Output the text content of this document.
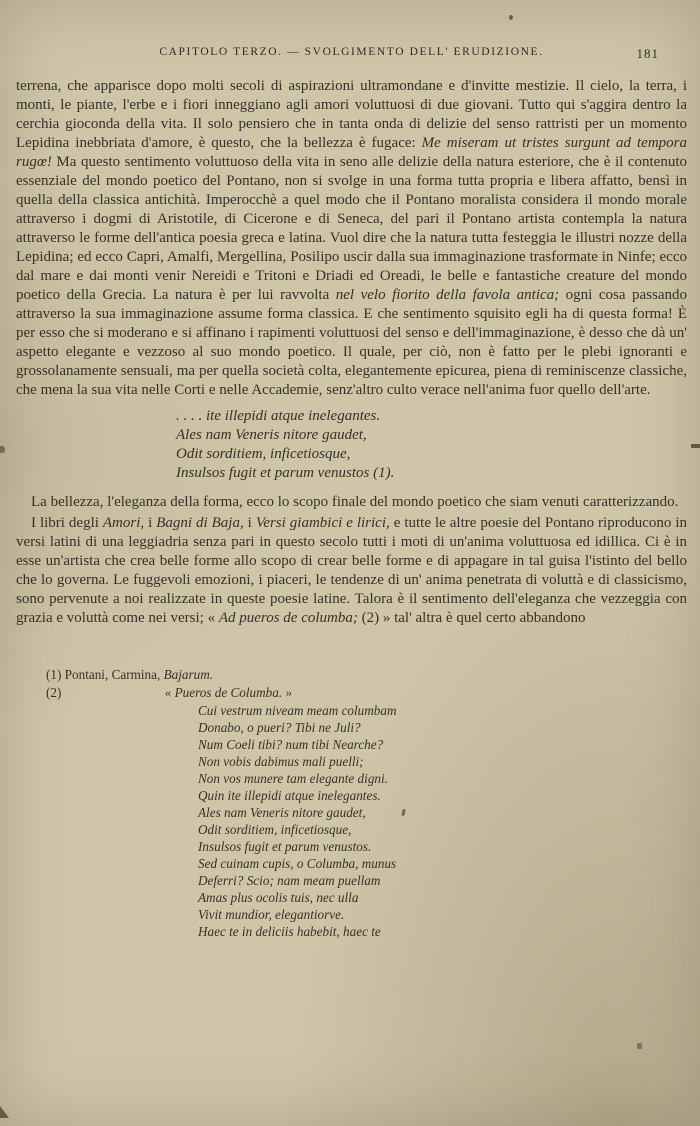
CAPITOLO TERZO. — SVOLGIMENTO DELL' ERUDIZIONE.	181

terrena, che apparisce dopo molti secoli di aspirazioni ultramondane e d'invitte mestizie. Il cielo, la terra, i monti, le piante, l'erbe e i fiori inneggiano agli amori voluttuosi di due giovani. Tutto qui s'aggira dentro la cerchia gioconda della vita. Il solo pensiero che in tanta onda di delizie del senso rattristi per un momento Lepidina inebbriata d'amore, è questo, che la bellezza è fugace: Me miseram ut tristes surgunt ad tempora rugœ! Ma questo sentimento voluttuoso della vita in seno alle delizie della natura esteriore, che è il contenuto essenziale del mondo poetico del Pontano, non si svolge in una forma tutta propria e libera affatto, bensì in quella della classica antichità. Imperocchè a quel modo che il Pontano moralista considera il mondo morale attraverso i dogmi di Aristotile, di Cicerone e di Seneca, del pari il Pontano artista contempla la natura attraverso le forme dell'antica poesia greca e latina. Vuol dire che la natura tutta festeggia le illustri nozze della Lepidina; ed ecco Capri, Amalfi, Mergellina, Posilipo uscir dalla sua immaginazione trasformate in Ninfe; ecco dal mare e dai monti venir Nereidi e Tritoni e Driadi ed Oreadi, le belle e fantastiche creature del mondo poetico della Grecia. La natura è per lui ravvolta nel velo fiorito della favola antica; ogni cosa passando attraverso la sua immaginazione assume forma classica. E che sentimento squisito egli ha di questa forma! È per esso che si moderano e si affinano i rapimenti voluttuosi del senso e dell'immaginazione, è desso che dà un' aspetto elegante e vezzoso al suo mondo poetico. Il quale, per ciò, non è fatto per le plebi ignoranti e grossolanamente sensuali, ma per quella società colta, elegantemente epicurea, piena di reminiscenze classiche, che mena la sua vita nelle Corti e nelle Accademie, senz'altro culto verace nell'anima fuor quello dell'arte.

. . . . ite illepidi atque inelegantes.
Ales nam Veneris nitore gaudet,
Odit sorditiem, inficetiosque,
Insulsos fugit et parum venustos (1).

La bellezza, l'eleganza della forma, ecco lo scopo finale del mondo poetico che siam venuti caratterizzando.

I libri degli Amori, i Bagni di Baja, i Versi giambici e lirici, e tutte le altre poesie del Pontano riproducono in versi latini di una leggiadria senza pari in questo secolo tutti i moti di un'anima voluttuosa ed idillica. Ci è in esse un'artista che crea belle forme allo scopo di crear belle forme e di appagare in tal guisa l'istinto del bello che lo governa. Le fuggevoli emozioni, i piaceri, le tendenze di un' anima penetrata di voluttà e di classicismo, sono pervenute a noi realizzate in queste poesie latine. Talora è il sentimento dell'eleganza che vezzeggia con grazia e voluttà come nei versi; « Ad pueros de columba; (2) » tal' altra è quel certo abbandono

(1) Pontani, Carmina, Bajarum.

(2)	« Pueros de Columba. »
Cui vestrum niveam meam columbam
Donabo, o pueri? Tibi ne Juli?
Num Coeli tibi? num tibi Nearche?
Non vobis dabimus mali puelli;
Non vos munere tam elegante digni.
Quin ite illepidi atque inelegantes.
Ales nam Veneris nitore gaudet,
Odit sorditiem, inficetiosque,
Insulsos fugit et parum venustos.
Sed cuinam cupis, o Columba, munus
Deferri? Scio; nam meam puellam
Amas plus ocolis tuis, nec ulla
Vivit mundior, elegantiorve.
Haec te in deliciis habebit, haec te
